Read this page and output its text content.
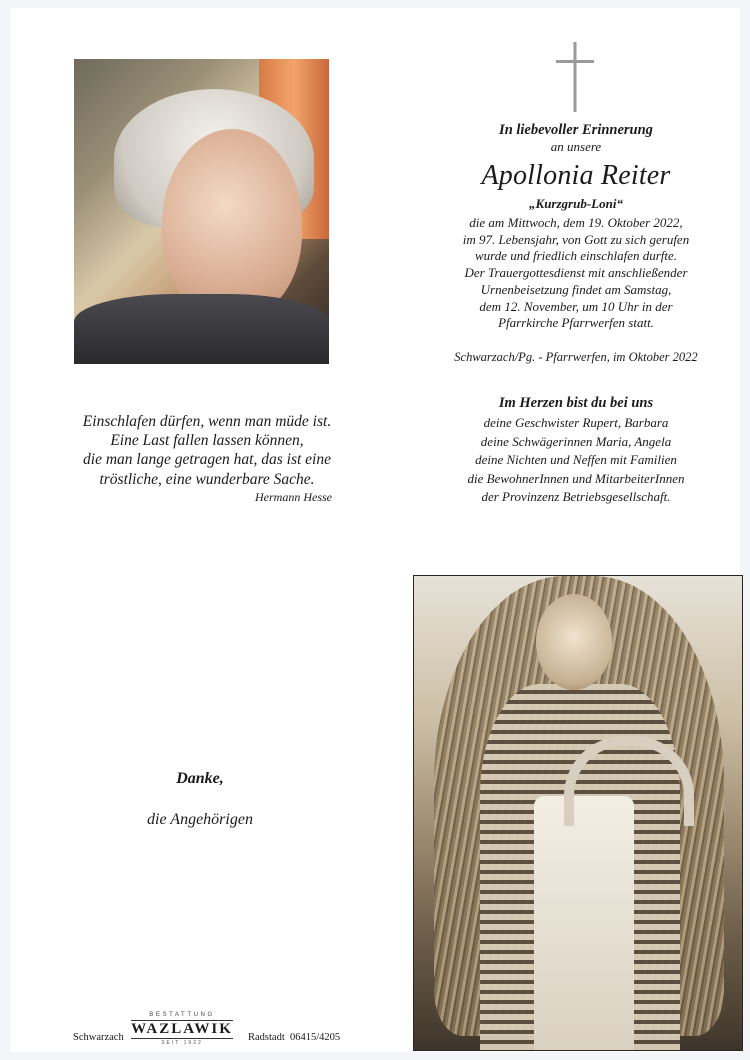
In liebevoller Erinnerung
an unsere
Apollonia Reiter
„Kurzgrub-Loni“
die am Mittwoch, dem 19. Oktober 2022,
im 97. Lebensjahr, von Gott zu sich gerufen
wurde und friedlich einschlafen durfte.
Der Trauergottesdienst mit anschließender
Urnenbeisetzung findet am Samstag,
dem 12. November, um 10 Uhr in der
Pfarrkirche Pfarrwerfen statt.
Schwarzach/Pg. - Pfarrwerfen, im Oktober 2022
Im Herzen bist du bei uns
deine Geschwister Rupert, Barbara
deine Schwägerinnen Maria, Angela
deine Nichten und Neffen mit Familien
die BewohnerInnen und MitarbeiterInnen
der Provinzenz Betriebsgesellschaft.
Einschlafen dürfen, wenn man müde ist.
Eine Last fallen lassen können,
die man lange getragen hat, das ist eine
tröstliche, eine wunderbare Sache.
Hermann Hesse
Danke,
die Angehörigen
Schwarzach
BESTATTUNG
WAZLAWIK
SEIT 1922	Radstadt 06415/4205
